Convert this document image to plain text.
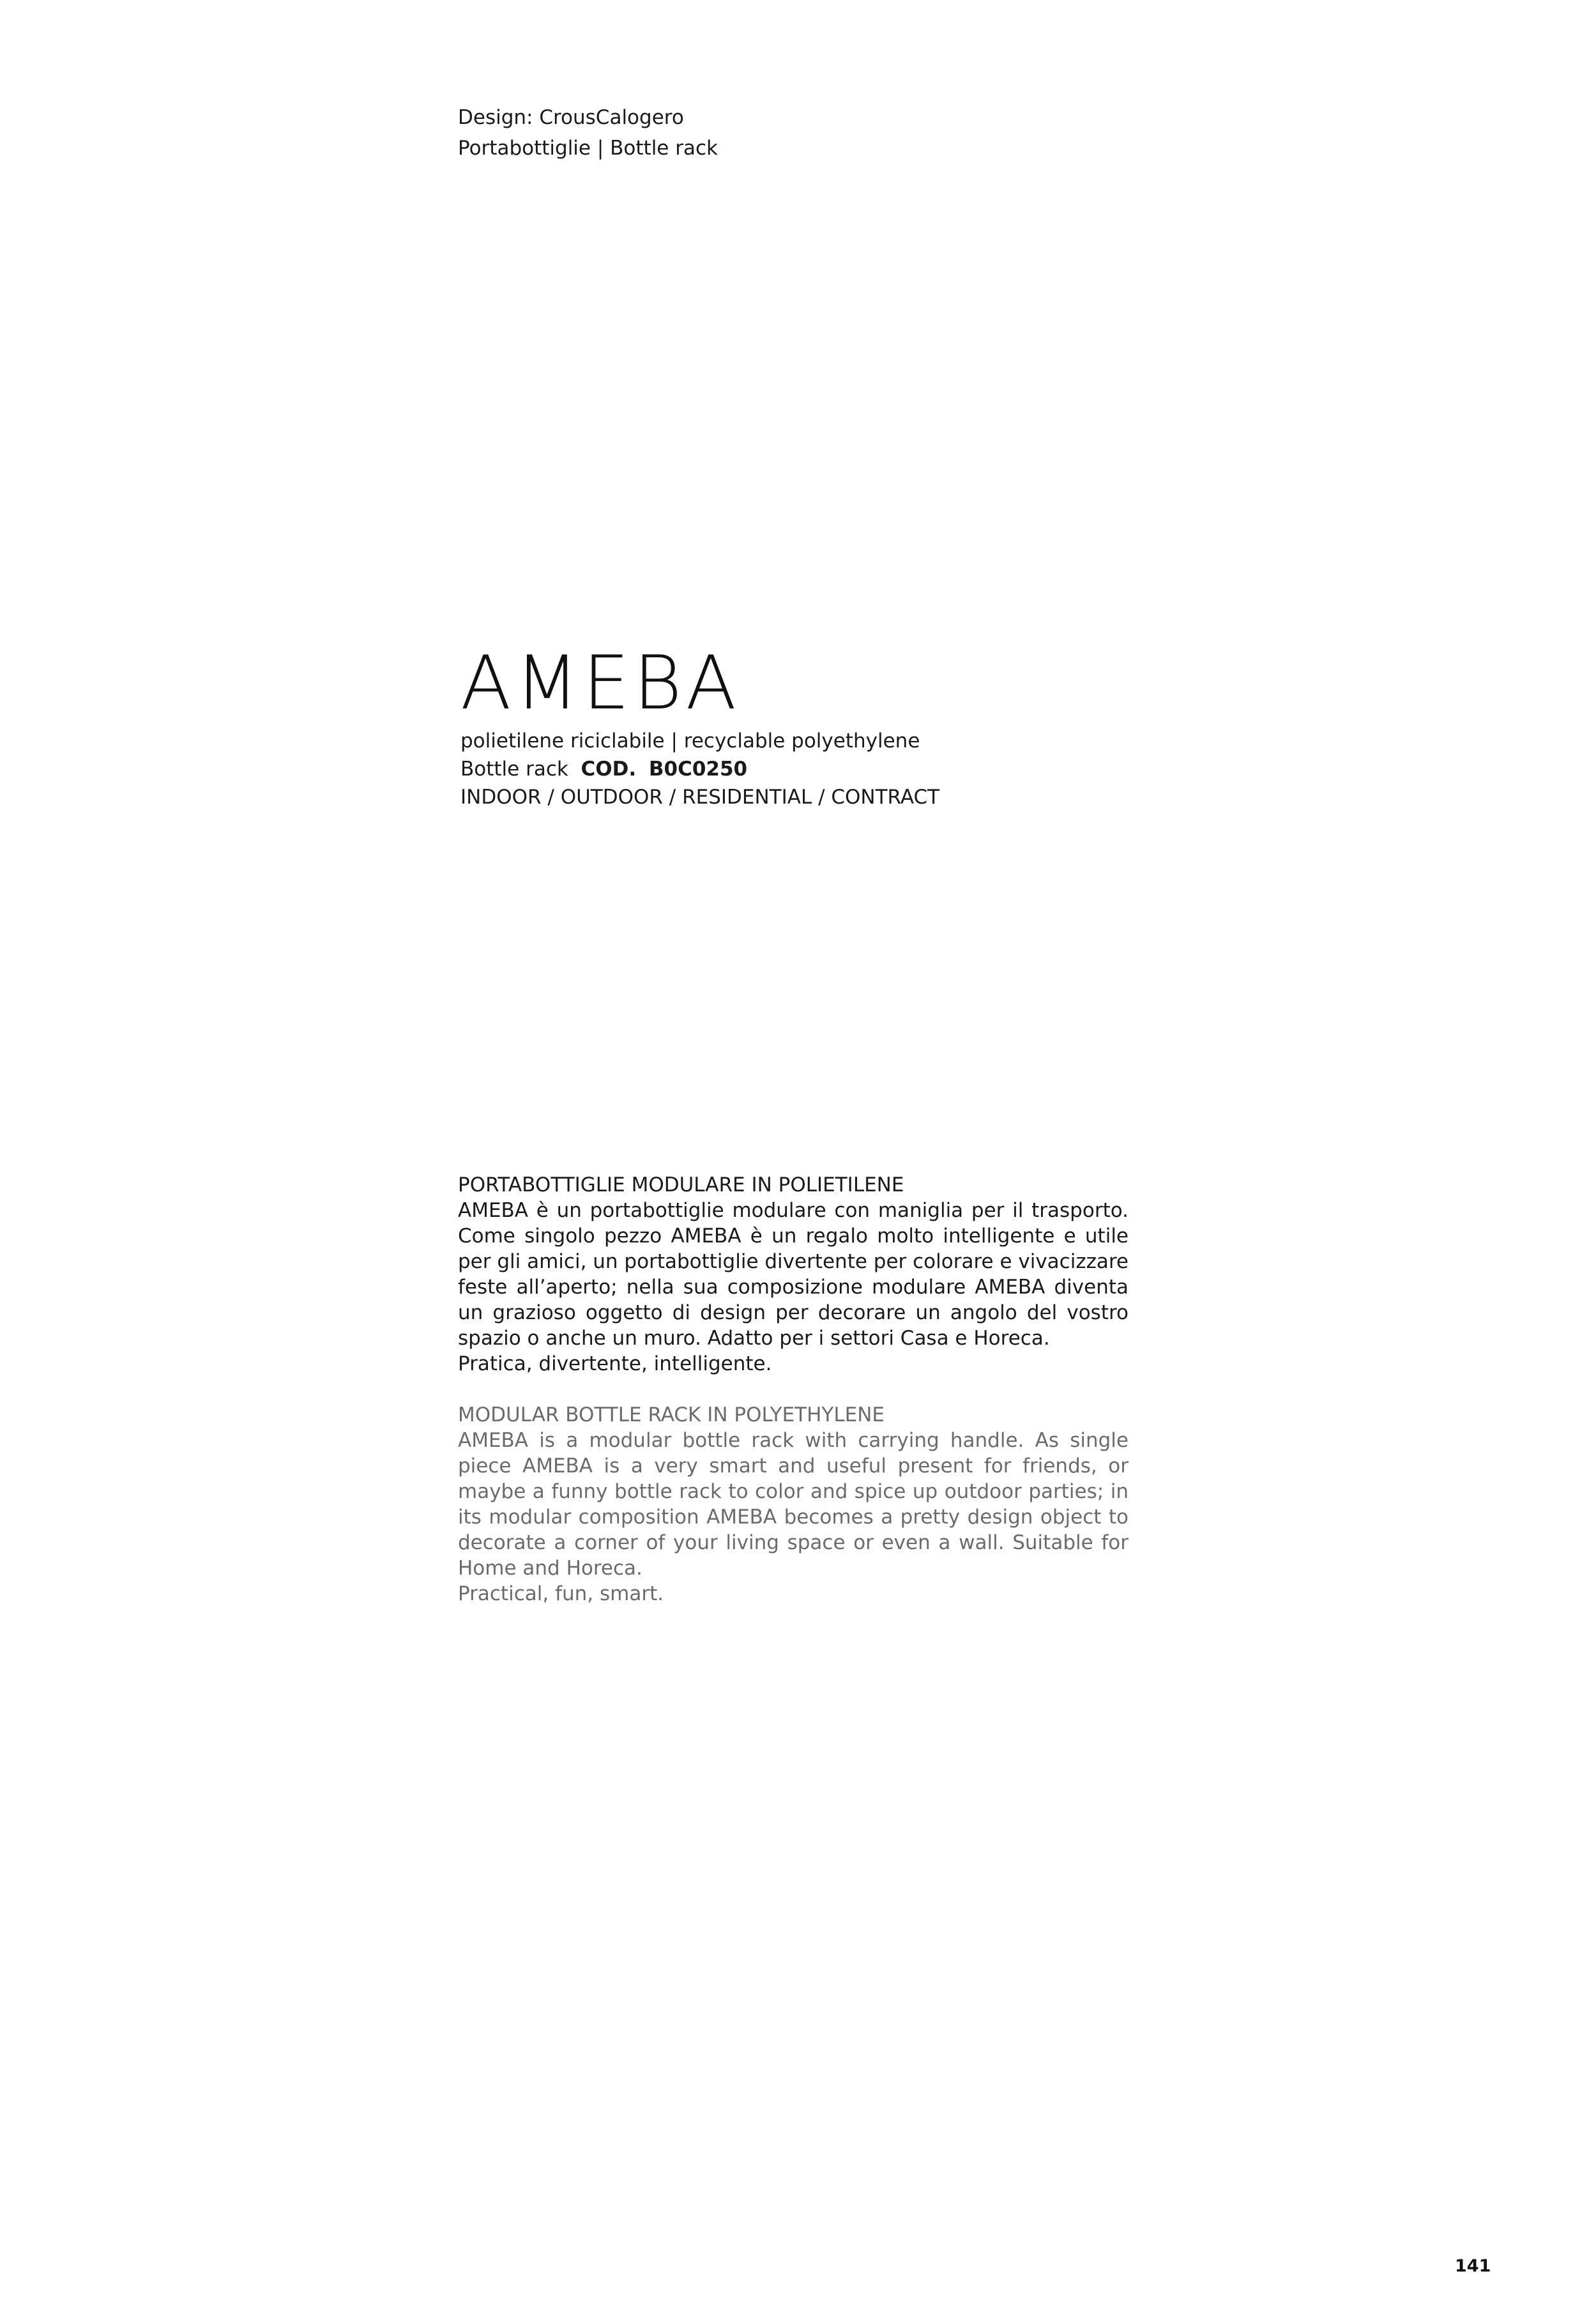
Design: CrousCalogero
Portabottiglie | Bottle rack
AMEBA
polietilene riciclabile | recyclable polyethylene
Bottle rack COD. B0C0250
INDOOR / OUTDOOR / RESIDENTIAL / CONTRACT
PORTABOTTIGLIE MODULARE IN POLIETILENE

AMEBA è un portabottiglie modulare con maniglia per il trasporto. Come singolo pezzo AMEBA è un regalo molto intelligente e utile per gli amici, un portabottiglie divertente per colorare e vivacizzare feste all’aperto; nella sua composizione modulare AMEBA diventa un grazioso oggetto di design per decorare un angolo del vostro spazio o anche un muro. Adatto per i settori Casa e Horeca.

Pratica, divertente, intelligente.
MODULAR BOTTLE RACK IN POLYETHYLENE

AMEBA is a modular bottle rack with carrying handle. As single piece AMEBA is a very smart and useful present for friends, or maybe a funny bottle rack to color and spice up outdoor parties; in its modular composition AMEBA becomes a pretty design object to decorate a corner of your living space or even a wall. Suitable for Home and Horeca.

Practical, fun, smart.
141
